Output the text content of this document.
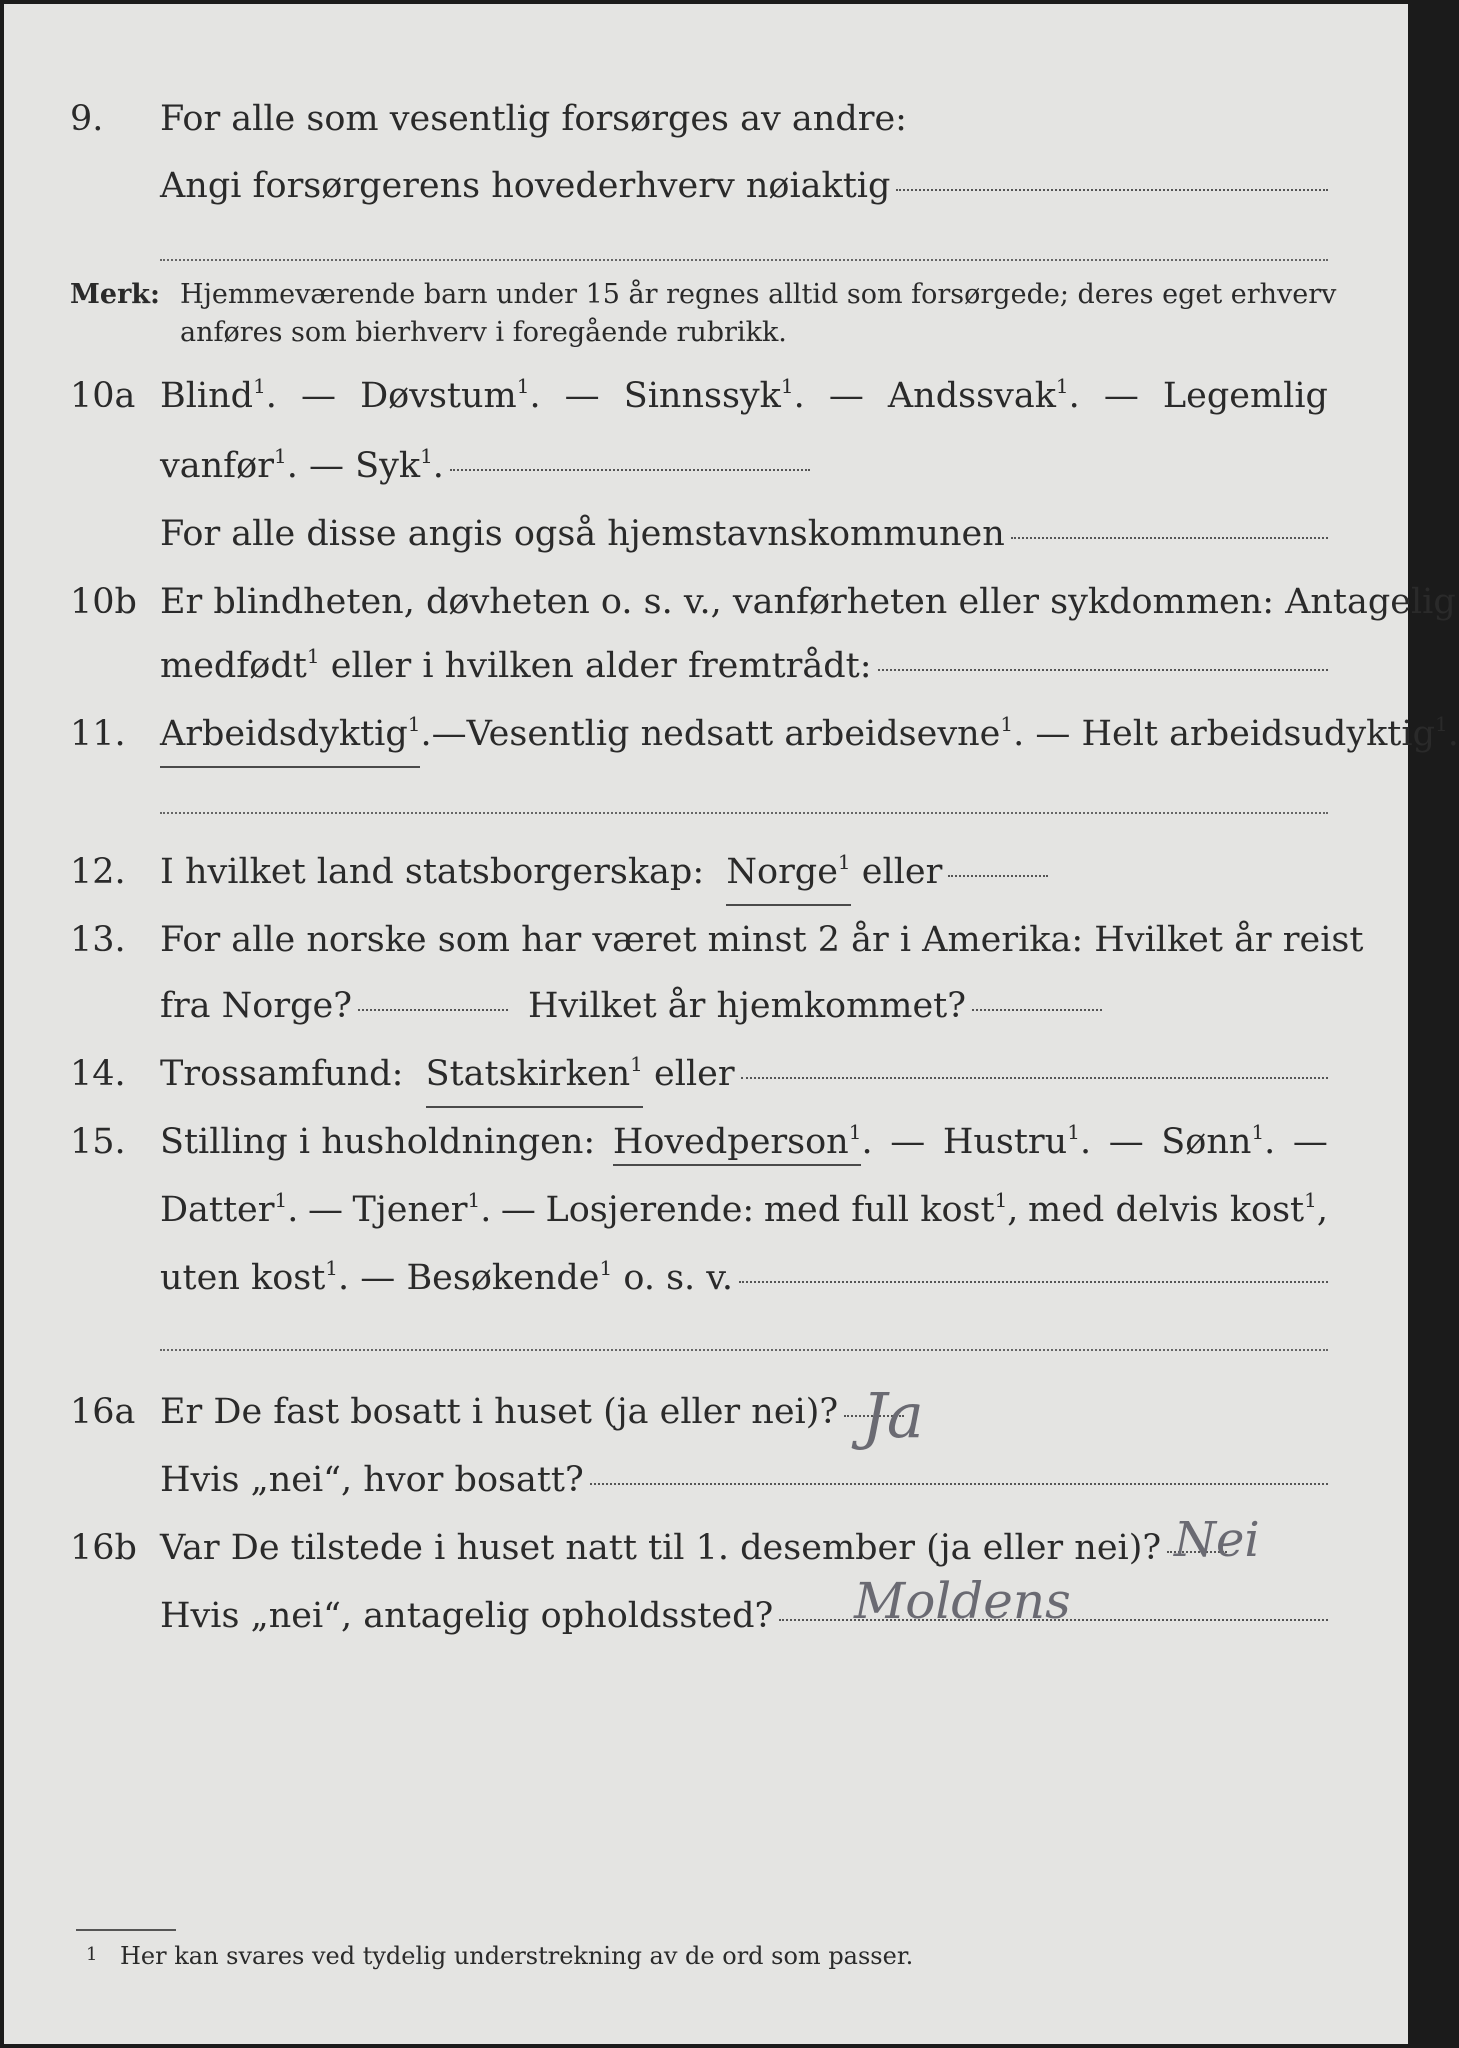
9.	For alle som vesentlig forsørges av andre:
Angi forsørgerens hovederhverv nøiaktig
Merk: Hjemmeværende barn under 15 år regnes alltid som forsørgede; deres eget erhverv anføres som bierhverv i foregående rubrikk.
10a Blind$^1$. — Døvstum$^1$. — Sinnssyk$^1$. — Andssvak$^1$. — Legemlig
vanfør$^1$. — Syk$^1$.
For alle disse angis også hjemstavnskommunen
10b Er blindheten, døvheten o. s. v., vanførheten eller sykdommen: Antagelig
medfødt$^1$ eller i hvilken alder fremtrådt:
11. Arbeidsdyktig$^1$ . — Vesentlig nedsatt arbeidsevne$^1$. — Helt arbeidsudyktig$^1$.
12. I hvilket land statsborgerskap:
Norge$^1$
eller
13. For alle norske som har været minst 2 år i Amerika: Hvilket år reist
fra Norge?	Hvilket år hjemkommet?
14. Trossamfund:
Statskirken$^1$
eller
15. Stilling i husholdningen: Hovedperson$^1$. — Hustru$^1$. — Sønn$^1$. —
Datter$^1$. — Tjener$^1$. — Losjerende: med full kost$^1$, med delvis kost$^1$,
uten kost$^1$. — Besøkende$^1$
o. s. v.
16a Er De fast bosatt i huset (ja eller nei)? Ja
Hvis „nei“, hvor bosatt?
16b Var De tilstede i huset natt til 1. desember (ja eller nei)? Nei
Hvis „nei“, antagelig opholdssted? Moldens
1 Her kan svares ved tydelig understrekning av de ord som passer.
